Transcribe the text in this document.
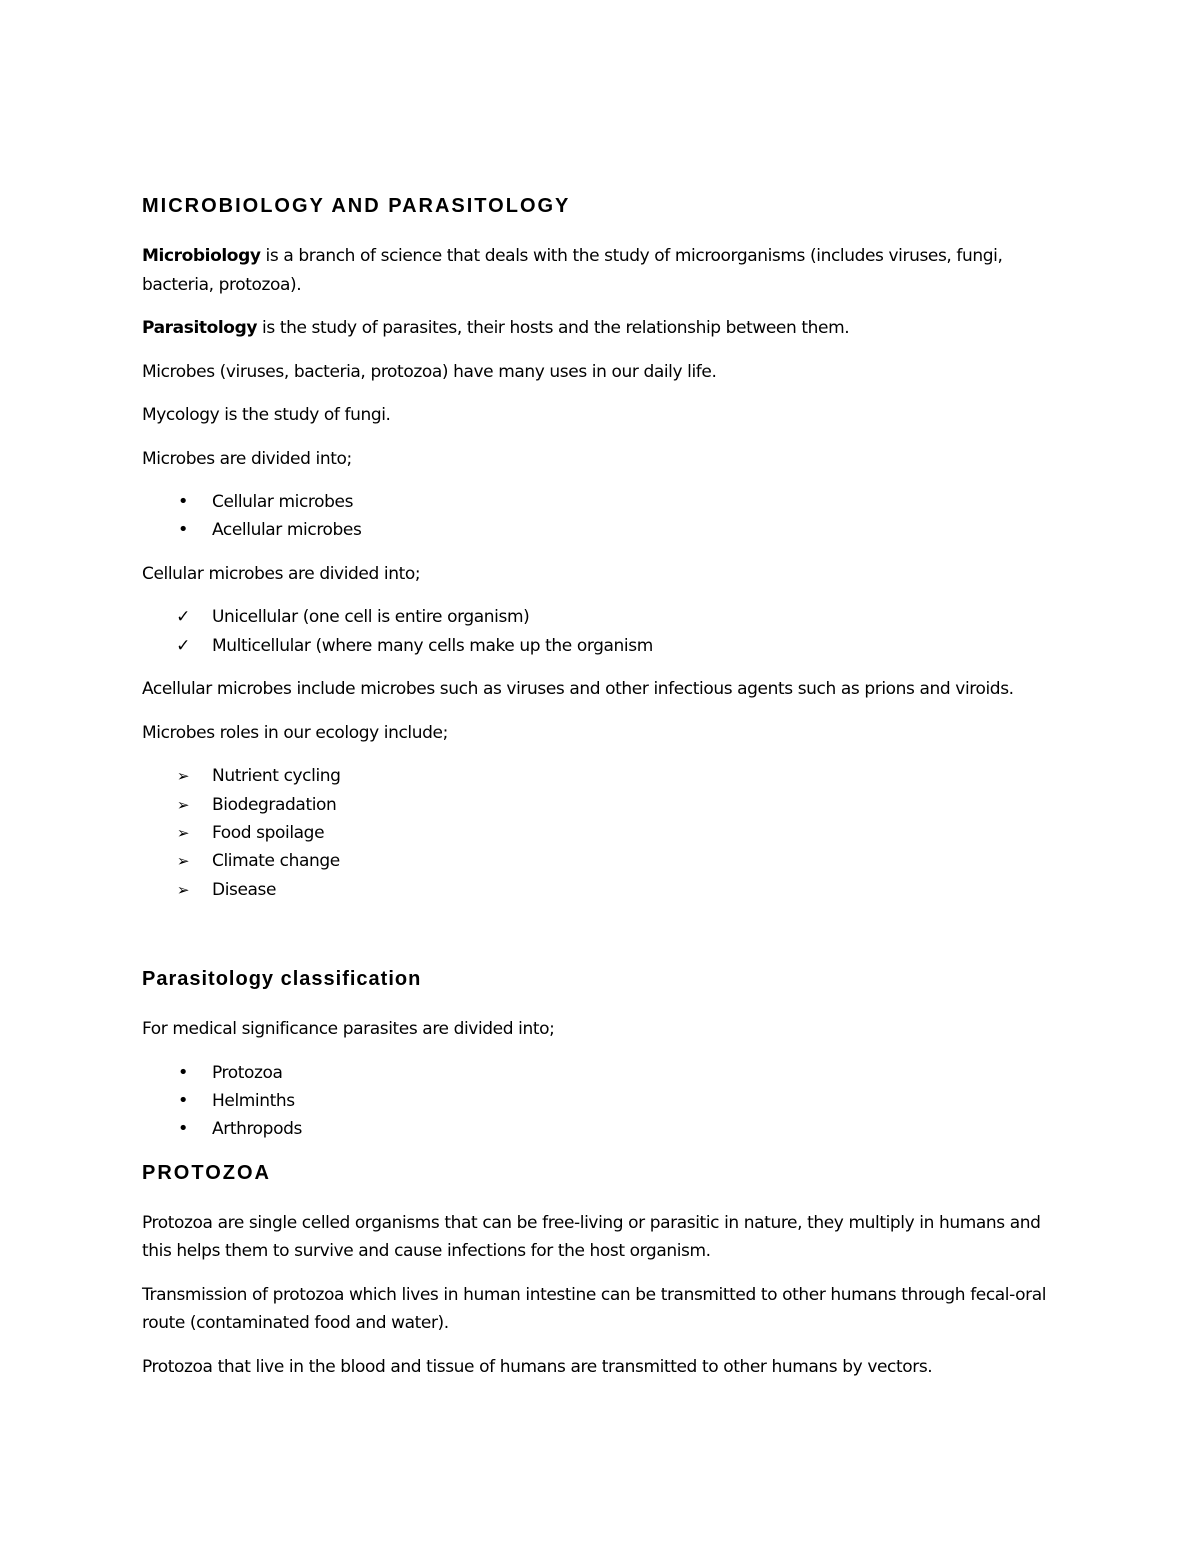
MICROBIOLOGY AND PARASITOLOGY

Microbiology is a branch of science that deals with the study of microorganisms (includes viruses, fungi, bacteria, protozoa).

Parasitology is the study of parasites, their hosts and the relationship between them.

Microbes (viruses, bacteria, protozoa) have many uses in our daily life.

Mycology is the study of fungi.

Microbes are divided into;

•	Cellular microbes
•	Acellular microbes

Cellular microbes are divided into;

✓	Unicellular (one cell is entire organism)
✓	Multicellular (where many cells make up the organism

Acellular microbes include microbes such as viruses and other infectious agents such as prions and viroids.

Microbes roles in our ecology include;

➢	Nutrient cycling
➢	Biodegradation
➢	Food spoilage
➢	Climate change
➢	Disease
Parasitology classification

For medical significance parasites are divided into;

•	Protozoa
•	Helminths
•	Arthropods
PROTOZOA

Protozoa are single celled organisms that can be free-living or parasitic in nature, they multiply in humans and this helps them to survive and cause infections for the host organism.

Transmission of protozoa which lives in human intestine can be transmitted to other humans through fecal-oral route (contaminated food and water).

Protozoa that live in the blood and tissue of humans are transmitted to other humans by vectors.
